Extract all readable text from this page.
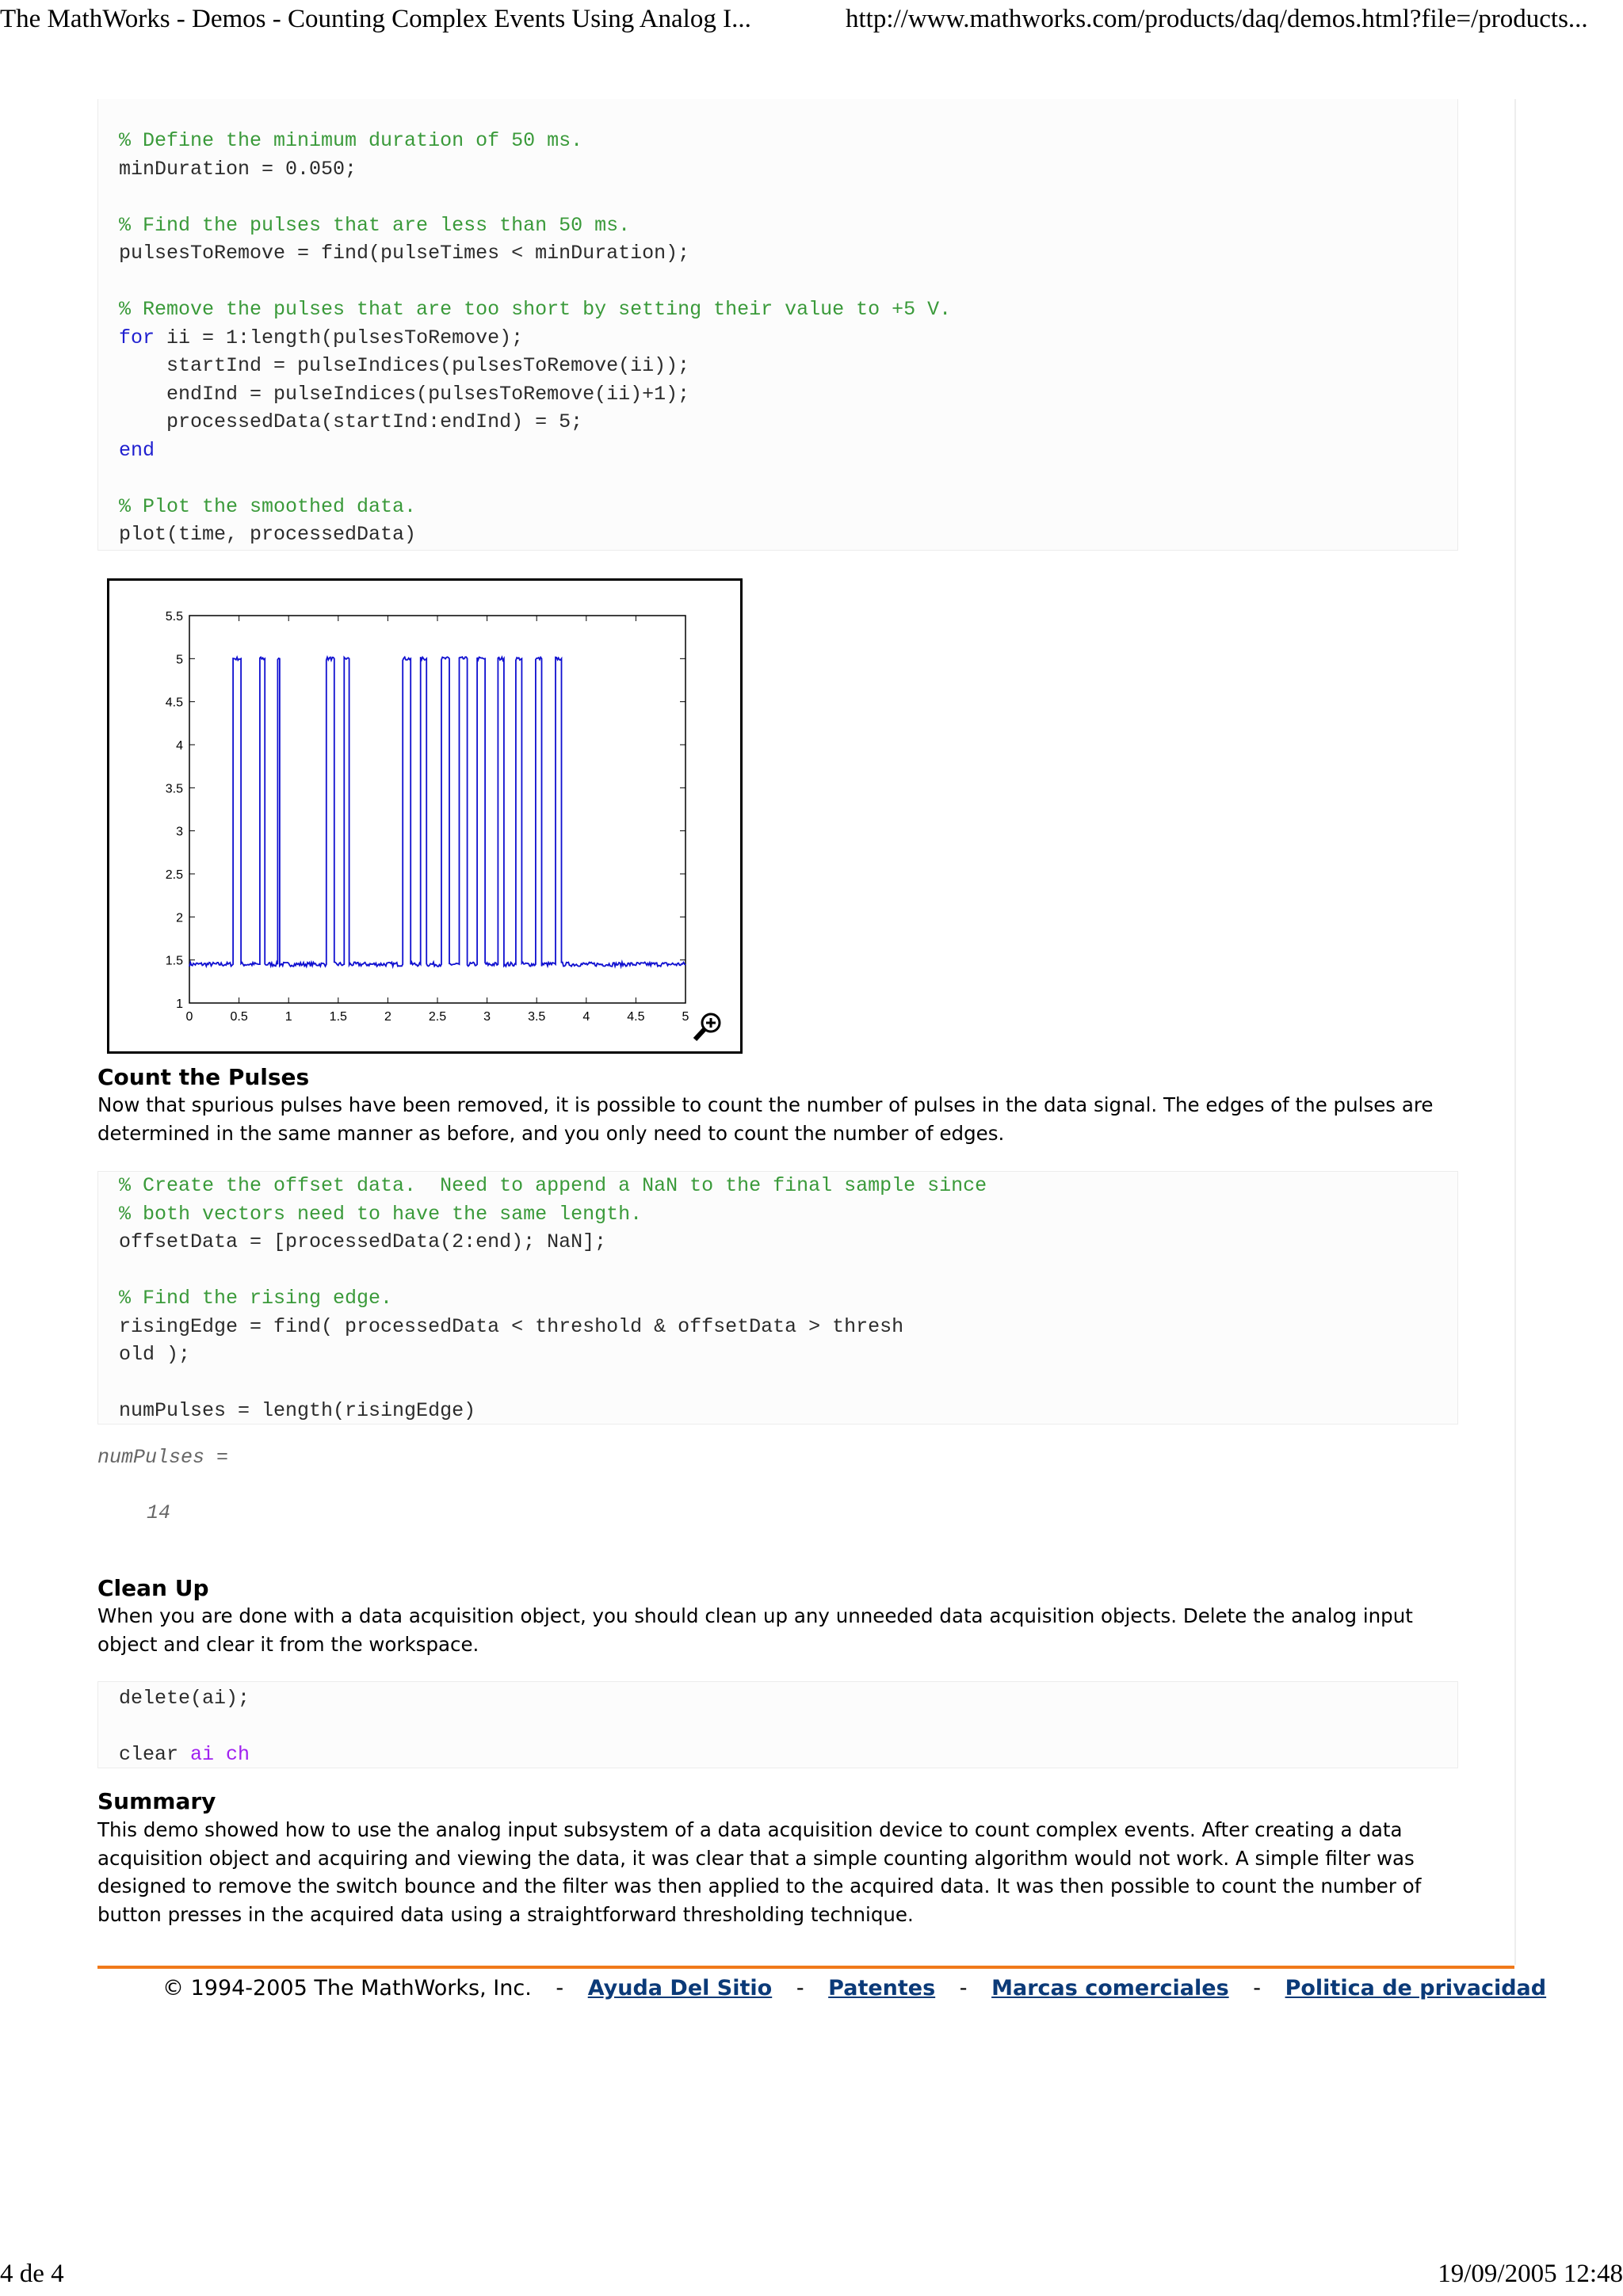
The MathWorks - Demos - Counting Complex Events Using Analog I...	http://www.mathworks.com/products/daq/demos.html?file=/products...
% Define the minimum duration of 50 ms.
minDuration = 0.050;
% Find the pulses that are less than 50 ms.
pulsesToRemove = find(pulseTimes < minDuration);
% Remove the pulses that are too short by setting their value to +5 V.
for ii = 1:length(pulsesToRemove);
startInd = pulseIndices(pulsesToRemove(ii));
endInd = pulseIndices(pulsesToRemove(ii)+1);
processedData(startInd:endInd) = 5;
end
% Plot the smoothed data.
plot(time, processedData)
1
1.5
2
2.5
3
3.5
4
4.5
5
5.5
0	0.5	1	1.5	2	2.5	3	3.5	4	4.5	5
Count the Pulses
Now that spurious pulses have been removed, it is possible to count the number of pulses in the data signal. The edges of the pulses are determined in the same manner as before, and you only need to count the number of edges.
% Create the offset data.  Need to append a NaN to the final sample since
% both vectors need to have the same length.
offsetData = [processedData(2:end); NaN];
% Find the rising edge.
risingEdge = find( processedData < threshold & offsetData > thresh
old );
numPulses = length(risingEdge)
numPulses =
14
Clean Up
When you are done with a data acquisition object, you should clean up any unneeded data acquisition objects. Delete the analog input object and clear it from the workspace.
delete(ai);
clear ai ch
Summary
This demo showed how to use the analog input subsystem of a data acquisition device to count complex events. After creating a data acquisition object and acquiring and viewing the data, it was clear that a simple counting algorithm would not work. A simple filter was designed to remove the switch bounce and the filter was then applied to the acquired data. It was then possible to count the number of button presses in the acquired data using a straightforward thresholding technique.
© 1994-2005 The MathWorks, Inc. - Ayuda Del Sitio - Patentes - Marcas comerciales - Politica de privacidad
4 de 4	19/09/2005 12:48
